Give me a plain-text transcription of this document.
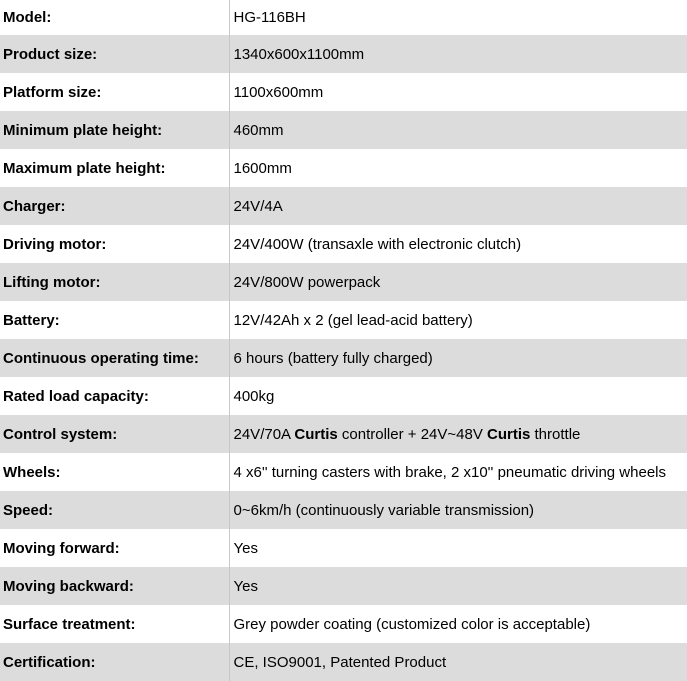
Model:	HG-116BH
Product size:	1340x600x1100mm
Platform size:	1100x600mm
Minimum plate height:	460mm
Maximum plate height:	1600mm
Charger:	24V/4A
Driving motor:	24V/400W (transaxle with electronic clutch)
Lifting motor:	24V/800W powerpack
Battery:	12V/42Ah x 2 (gel lead-acid battery)
Continuous operating time:	6 hours (battery fully charged)
Rated load capacity:	400kg
Control system:	24V/70A Curtis controller + 24V~48V Curtis throttle
Wheels:	4 x6'' turning casters with brake, 2 x10'' pneumatic driving wheels
Speed:	0~6km/h (continuously variable transmission)
Moving forward:	Yes
Moving backward:	Yes
Surface treatment:	Grey powder coating (customized color is acceptable)
Certification:	CE, ISO9001, Patented Product
